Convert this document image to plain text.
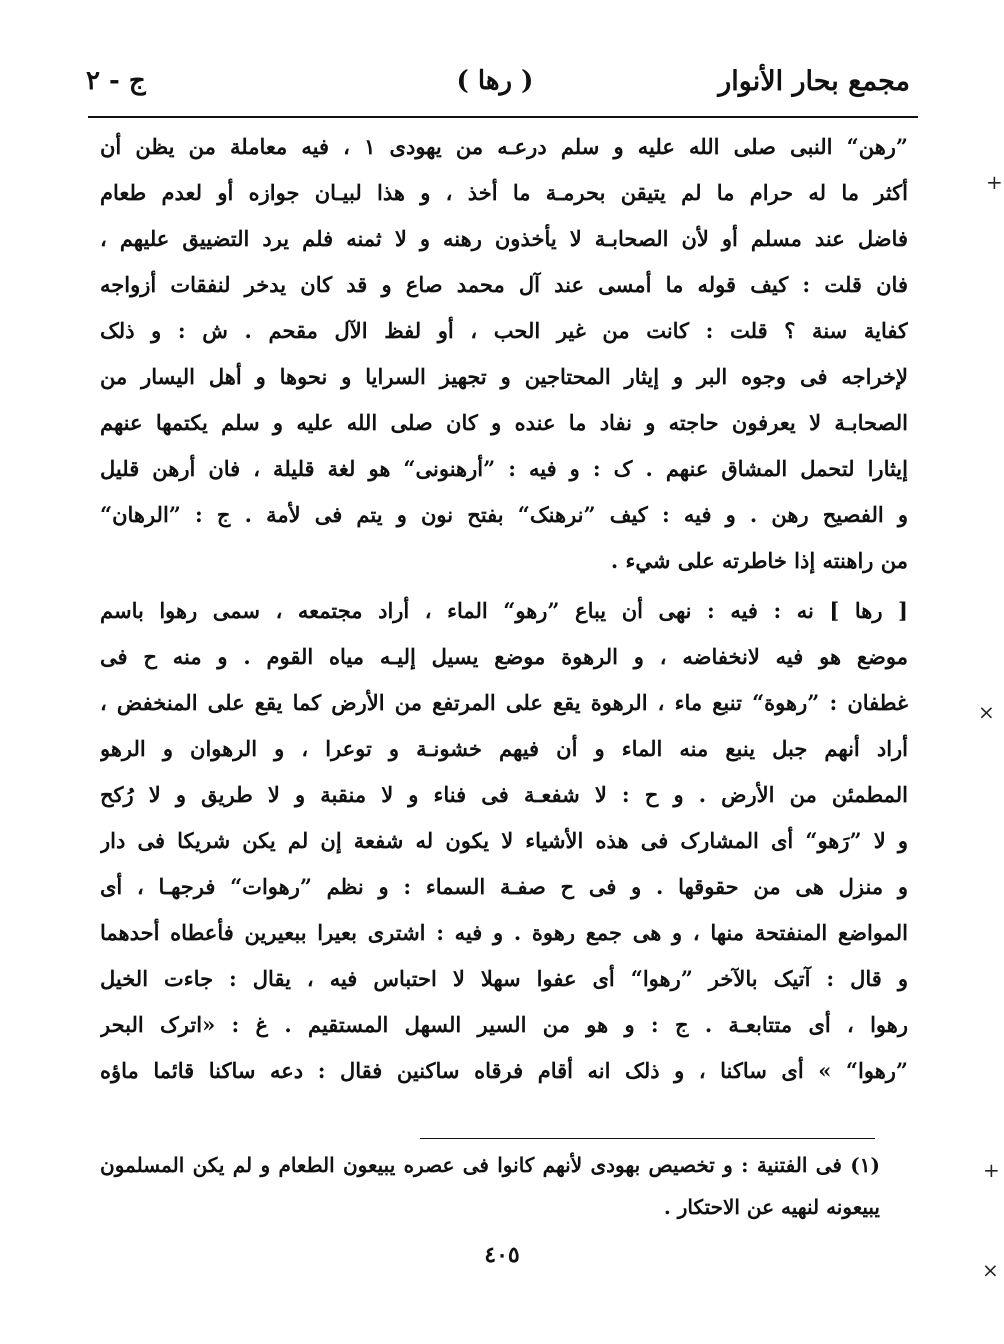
مجمع بحار الأنوار
( رها )
ج - ٢
”رهن“ النبی صلی الله علیه و سلم درعـه من یهودی ١ ، فیه معاملة من یظن أن
أکثر ما له حرام ما لم یتیقن بحرمـة ما أخذ ، و هذا لبیـان جوازه أو لعدم طعام
فاضل عند مسلم أو لأن الصحابـة لا یأخذون رهنه و لا ثمنه فلم یرد التضییق علیهم ،
فان قلت : کیف قوله ما أمسی عند آل محمد صاع و قد کان یدخر لنفقات أزواجه
کفایة سنة ؟ قلت : کانت من غیر الحب ، أو لفظ الآل مقحم . ش : و ذلک
لإخراجه فی وجوه البر و إیثار المحتاجین و تجهیز السرایا و نحوها و أهل الیسار من
الصحابـة لا یعرفون حاجته و نفاد ما عنده و کان صلی الله علیه و سلم یکتمها عنهم
إیثارا لتحمل المشاق عنهم . ک : و فیه : ”أرهنونی“ هو لغة قلیلة ، فان أرهن قلیل
و الفصیح رهن . و فیه : کیف ”نرهنک“ بفتح نون و یتم فی لأمة . ج : ”الرهان“
من راهنته إذا خاطرته علی شيء .
[ رها ] نه : فیه : نهی أن یباع ”رهو“ الماء ، أراد مجتمعه ، سمی رهوا باسم
موضع هو فیه لانخفاضه ، و الرهوة موضع یسیل إلیـه میاه القوم . و منه ح فی
غطفان : ”رهوة“ تنبع ماء ، الرهوة یقع علی المرتفع من الأرض کما یقع علی المنخفض ،
أراد أنهم جبل ینبع منه الماء و أن فیهم خشونـة و توعرا ، و الرهوان و الرهو
المطمئن من الأرض . و ح : لا شفعـة فی فناء و لا منقبة و لا طریق و لا رُکح
و لا ”رَهو“ أی المشارک فی هذه الأشیاء لا یکون له شفعة إن لم یکن شریکا فی دار
و منزل هی من حقوقها . و فی ح صفـة السماء : و نظم ”رهوات“ فرجهـا ، أی
المواضع المنفتحة منها ، و هی جمع رهوة . و فیه : اشتری بعیرا ببعیرین فأعطاه أحدهما
و قال : آتیک بالآخر ”رهوا“ أی عفوا سهلا لا احتباس فیه ، یقال : جاءت الخیل
رهوا ، أی متتابعـة . ج : و هو من السیر السهل المستقیم . غ : «اترک البحر
”رهوا“ » أی ساکنا ، و ذلک انه أقام فرقاه ساکنین فقال : دعه ساکنا قائما ماؤه
(١) فی الفتنیة : و تخصیص بهودی لأنهم کانوا فی عصره یبیعون الطعام و لم یکن المسلمون
یبیعونه لنهیه عن الاحتکار .
٤٠٥
+
×
+
×
